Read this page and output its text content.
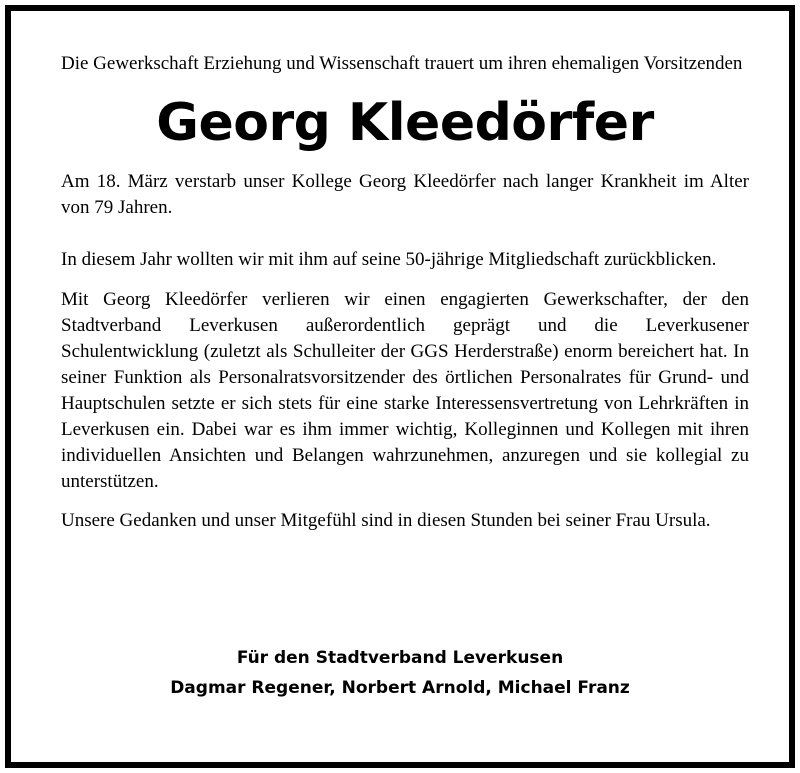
Die Gewerkschaft Erziehung und Wissenschaft trauert um ihren ehemaligen Vorsitzenden

Georg Kleedörfer

Am 18. März verstarb unser Kollege Georg Kleedörfer nach langer Krankheit im Alter von 79 Jahren.

In diesem Jahr wollten wir mit ihm auf seine 50-jährige Mitgliedschaft zurückblicken.

Mit Georg Kleedörfer verlieren wir einen engagierten Gewerkschafter, der den Stadtverband Leverkusen außerordentlich geprägt und die Leverkusener Schulentwicklung (zuletzt als Schulleiter der GGS Herderstraße) enorm bereichert hat. In seiner Funktion als Personalratsvorsitzender des örtlichen Personalrates für Grund- und Hauptschulen setzte er sich stets für eine starke Interessensvertretung von Lehrkräften in Leverkusen ein. Dabei war es ihm immer wichtig, Kolleginnen und Kollegen mit ihren individuellen Ansichten und Belangen wahrzunehmen, anzuregen und sie kollegial zu unterstützen.

Unsere Gedanken und unser Mitgefühl sind in diesen Stunden bei seiner Frau Ursula.

Für den Stadtverband Leverkusen
Dagmar Regener, Norbert Arnold, Michael Franz
